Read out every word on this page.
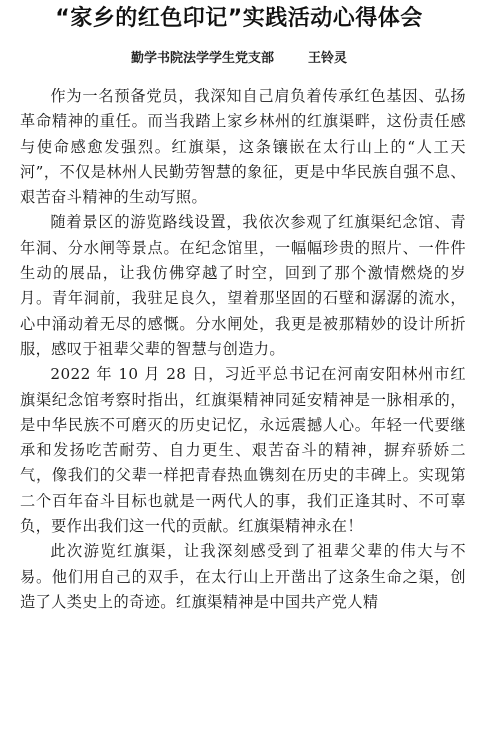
“家乡的红色印记”实践活动心得体会
勤学书院法学学生党支部	王铃灵

作为一名预备党员，我深知自己肩负着传承红色基因、弘扬革命精神的重任。而当我踏上家乡林州的红旗渠畔，这份责任感与使命感愈发强烈。红旗渠，这条镶嵌在太行山上的“人工天河”，不仅是林州人民勤劳智慧的象征，更是中华民族自强不息、艰苦奋斗精神的生动写照。

随着景区的游览路线设置，我依次参观了红旗渠纪念馆、青年洞、分水闸等景点。在纪念馆里，一幅幅珍贵的照片、一件件生动的展品，让我仿佛穿越了时空，回到了那个激情燃烧的岁月。青年洞前，我驻足良久，望着那坚固的石壁和潺潺的流水，心中涌动着无尽的感慨。分水闸处，我更是被那精妙的设计所折服，感叹于祖辈父辈的智慧与创造力。

2022 年 10 月 28 日，习近平总书记在河南安阳林州市红旗渠纪念馆考察时指出，红旗渠精神同延安精神是一脉相承的，是中华民族不可磨灭的历史记忆，永远震撼人心。年轻一代要继承和发扬吃苦耐劳、自力更生、艰苦奋斗的精神，摒弃骄娇二气，像我们的父辈一样把青春热血镌刻在历史的丰碑上。实现第二个百年奋斗目标也就是一两代人的事，我们正逢其时、不可辜负，要作出我们这一代的贡献。红旗渠精神永在！

此次游览红旗渠，让我深刻感受到了祖辈父辈的伟大与不易。他们用自己的双手，在太行山上开凿出了这条生命之渠，创造了人类史上的奇迹。红旗渠精神是中国共产党人精
